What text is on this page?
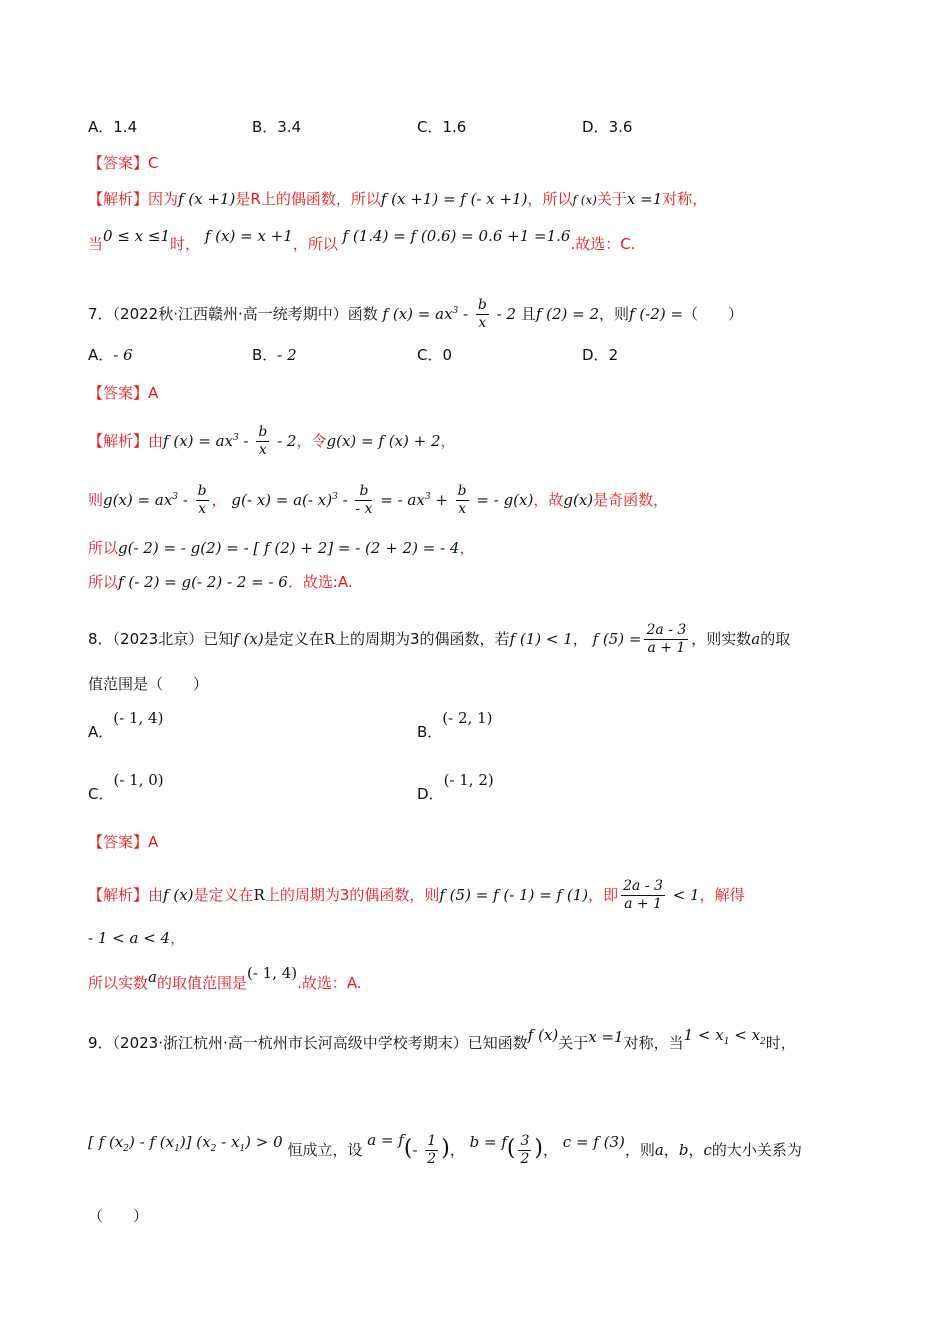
A．1.4	B．3.4	C．1.6	D．3.6
【答案】C
【解析】因为f (x +1)是R上的偶函数，所以f (x +1) = f (- x +1)，所以f (x)关于x =1对称，
当0 ≤ x ≤1时， f (x) = x +1，所以 f (1.4) = f (0.6) = 0.6 +1 =1.6.故选：C.
7．（2022秋·江西赣州·高一统考期中）函数 f $(x) = ax^3 - \frac{b}{x} - 2$ 且f (2) = 2，则f (-2) =（　　）
A．- 6	B．- 2	C．0	D．2
【答案】A
【解析】由f $(x) = ax^3 - \frac{b}{x} - 2$，令g(x) = f (x) + 2，
则$g(x) = ax^3 - \frac{b}{x}$ ， g(- x) = a(- $x)^3 - \frac{b}{- x}$ = - $ax^3 + \frac{b}{x}$ = - g(x)，故g(x)是奇函数，
所以g(- 2) = - g(2) = - [ f (2) + 2] = - (2 + 2) = - 4，
所以f (- 2) = g(- 2) - 2 = - 6．故选:A.
8．（2023北京）已知f (x)是定义在R上的周期为3的偶函数，若f (1) < 1， f $(5) = \frac{2a - 3}{a + 1}$ ，则实数a的取
值范围是（　　）
A．(- 1, 4)
B．(- 2, 1)
C．(- 1, 0)
D．(- 1, 2)
【答案】A
【解析】由f (x)是定义在R上的周期为3的偶函数，则f (5) = f (- 1) = f (1)，即 $\frac{2a - 3}{a + 1} < 1$，解得
- 1 < a < 4，
所以实数a的取值范围是(- 1, 4).故选：A.
9．（2023·浙江杭州·高一杭州市长河高级中学校考期末）已知函数f (x)关于x =1对称，当$1 < x_1 < x_2$时，
[ f $(x_2)$ - f $(x_1)$] $(x_2 - x_1) > 0$ 恒成立，设 $a = f(- \frac{1}{2}$ )， $b = f( \frac{3}{2}$ )， c = f (3)，则a，b，c的大小关系为
（　　）
